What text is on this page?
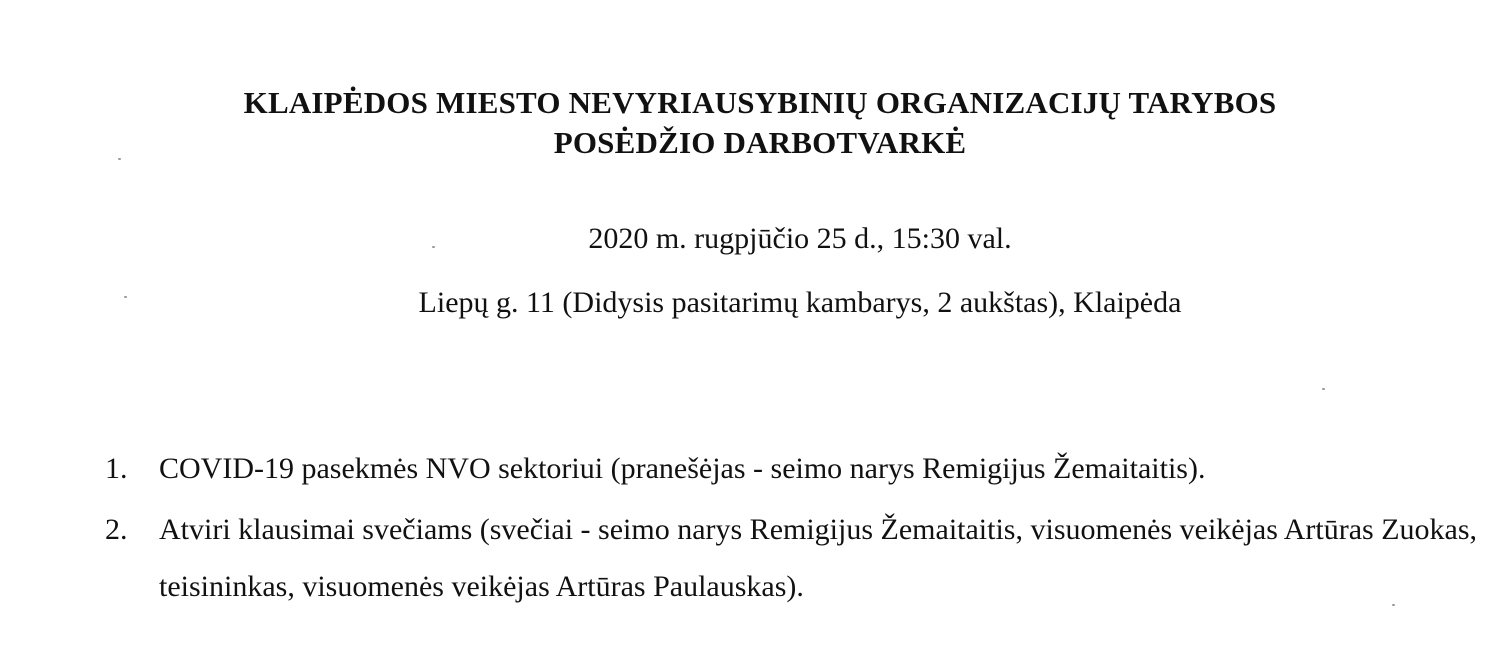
KLAIPĖDOS MIESTO NEVYRIAUSYBINIŲ ORGANIZACIJŲ TARYBOS
POSĖDŽIO DARBOTVARKĖ

2020 m. rugpjūčio 25 d., 15:30 val.

Liepų g. 11 (Didysis pasitarimų kambarys, 2 aukštas), Klaipėda

1. COVID-19 pasekmės NVO sektoriui (pranešėjas - seimo narys Remigijus Žemaitaitis).
2. Atviri klausimai svečiams (svečiai - seimo narys Remigijus Žemaitaitis, visuomenės veikėjas Artūras Zuokas, teisininkas, visuomenės veikėjas Artūras Paulauskas).
